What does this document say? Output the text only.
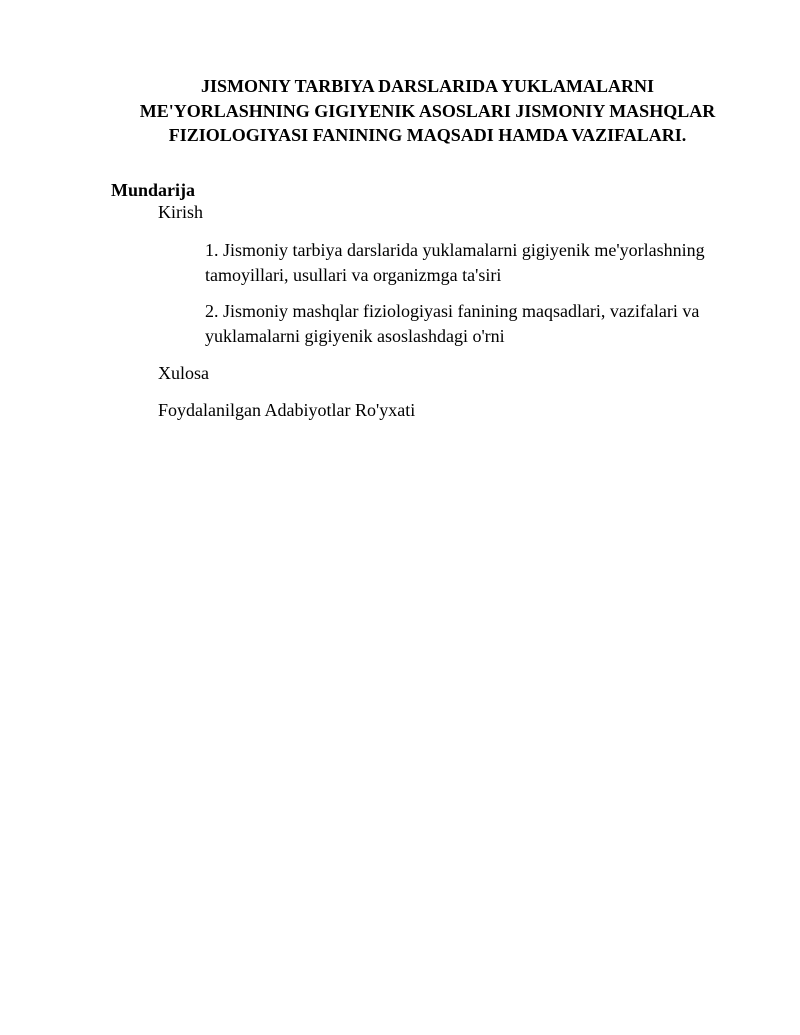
JISMONIY TARBIYA DARSLARIDA YUKLAMALARNI
ME'YORLASHNING GIGIYENIK ASOSLARI JISMONIY MASHQLAR
FIZIOLOGIYASI FANINING MAQSADI HAMDA VAZIFALARI.
Mundarija
Kirish
1. Jismoniy tarbiya darslarida yuklamalarni gigiyenik me'yorlashning
tamoyillari, usullari va organizmga ta'siri
2. Jismoniy mashqlar fiziologiyasi fanining maqsadlari, vazifalari va
yuklamalarni gigiyenik asoslashdagi o'rni
Xulosa
Foydalanilgan Adabiyotlar Ro'yxati
